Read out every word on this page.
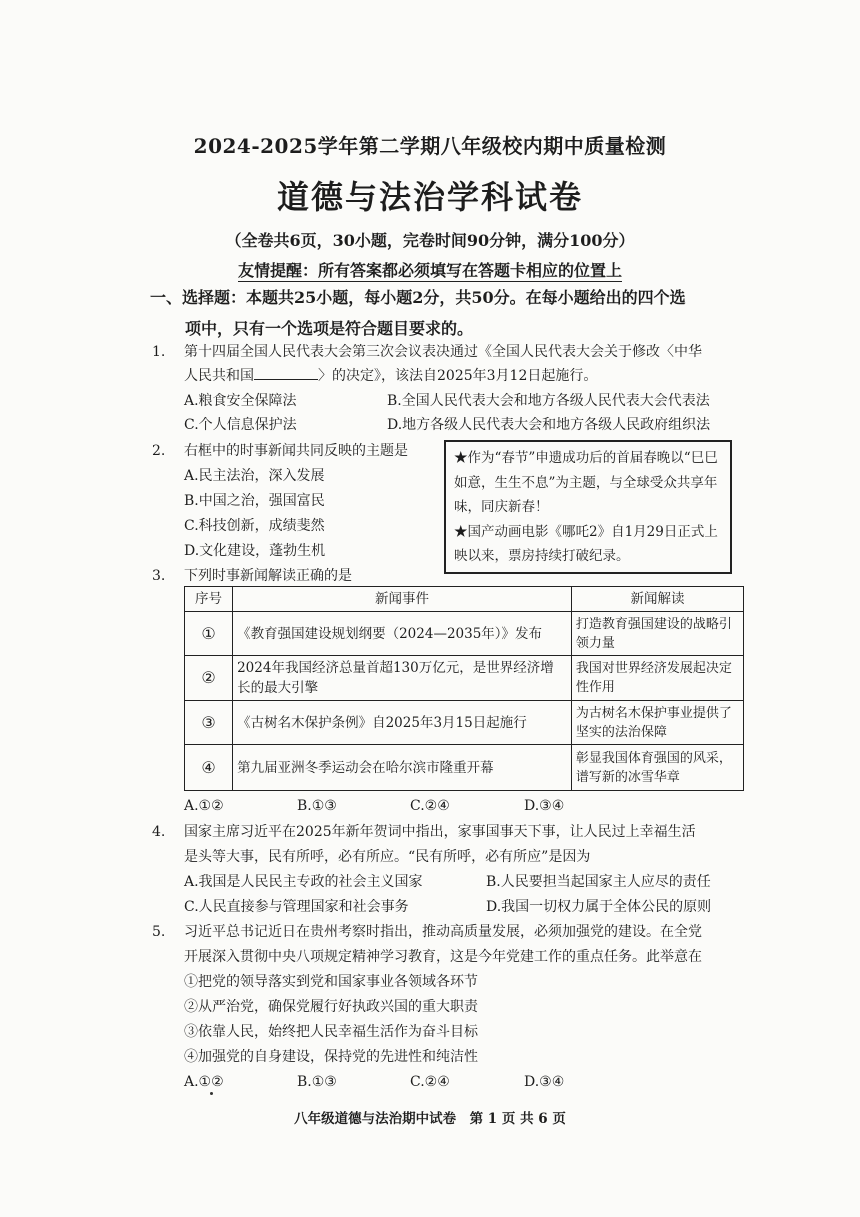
2024-2025学年第二学期八年级校内期中质量检测
道德与法治学科试卷
（全卷共6页，30小题，完卷时间90分钟，满分100分）
友情提醒：所有答案都必须填写在答题卡相应的位置上
一、选择题：本题共25小题，每小题2分，共50分。在每小题给出的四个选
项中，只有一个选项是符合题目要求的。
1. 第十四届全国人民代表大会第三次会议表决通过《全国人民代表大会关于修改〈中华
人民共和国	〉的决定》，该法自2025年3月12日起施行。
A.粮食安全保障法	B.全国人民代表大会和地方各级人民代表大会代表法
C.个人信息保护法	D.地方各级人民代表大会和地方各级人民政府组织法
2. 右框中的时事新闻共同反映的主题是
A.民主法治，深入发展
B.中国之治，强国富民
C.科技创新，成绩斐然
D.文化建设，蓬勃生机
★作为“春节”申遗成功后的首届春晚以“巳巳如意，生生不息”为主题，与全球受众共享年味，同庆新春！
★国产动画电影《哪吒2》自1月29日正式上映以来，票房持续打破纪录。
3. 下列时事新闻解读正确的是
序号	新闻事件	新闻解读
①	《教育强国建设规划纲要（2024—2035年）》发布	打造教育强国建设的战略引领力量
②	2024年我国经济总量首超130万亿元，是世界经济增长的最大引擎	我国对世界经济发展起决定性作用
③	《古树名木保护条例》自2025年3月15日起施行	为古树名木保护事业提供了坚实的法治保障
④	第九届亚洲冬季运动会在哈尔滨市隆重开幕	彰显我国体育强国的风采，谱写新的冰雪华章
A.①②	B.①③	C.②④	D.③④
4. 国家主席习近平在2025年新年贺词中指出，家事国事天下事，让人民过上幸福生活
是头等大事，民有所呼，必有所应。“民有所呼，必有所应”是因为
A.我国是人民民主专政的社会主义国家	B.人民要担当起国家主人应尽的责任
C.人民直接参与管理国家和社会事务	D.我国一切权力属于全体公民的原则
5. 习近平总书记近日在贵州考察时指出，推动高质量发展，必须加强党的建设。在全党
开展深入贯彻中央八项规定精神学习教育，这是今年党建工作的重点任务。此举意在
①把党的领导落实到党和国家事业各领域各环节
②从严治党，确保党履行好执政兴国的重大职责
③依靠人民，始终把人民幸福生活作为奋斗目标
④加强党的自身建设，保持党的先进性和纯洁性
A.①②	B.①③	C.②④	D.③④
八年级道德与法治期中试卷　第 1 页 共 6 页
